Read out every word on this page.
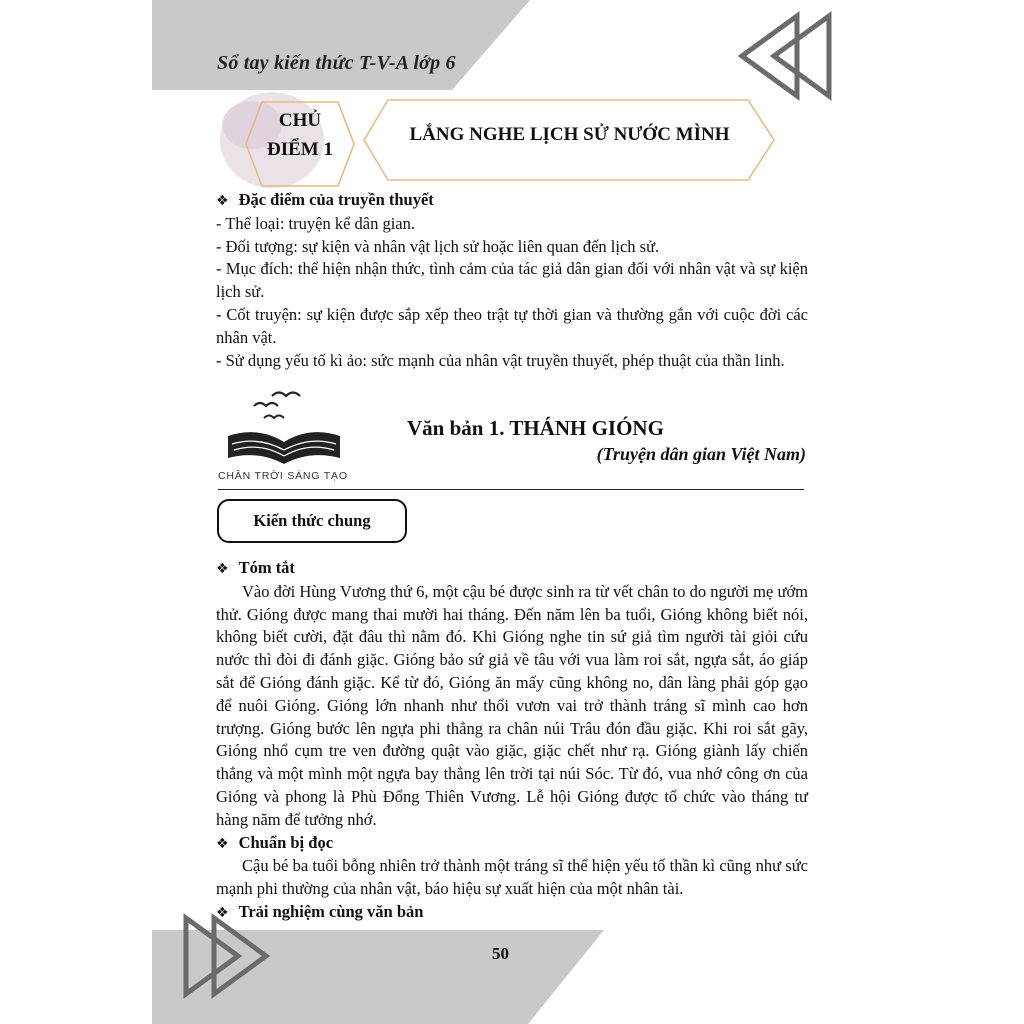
Sổ tay kiến thức T-V-A lớp 6
CHỦ
ĐIỂM 1
LẮNG NGHE LỊCH SỬ NƯỚC MÌNH

❖ Đặc điểm của truyền thuyết

- Thể loại: truyện kể dân gian.

- Đối tượng: sự kiện và nhân vật lịch sử hoặc liên quan đến lịch sử.

- Mục đích: thể hiện nhận thức, tình cảm của tác giả dân gian đối với nhân vật và sự kiện lịch sử.

- Cốt truyện: sự kiện được sắp xếp theo trật tự thời gian và thường gắn với cuộc đời các nhân vật.

- Sử dụng yếu tố kì ảo: sức mạnh của nhân vật truyền thuyết, phép thuật của thần linh.

CHÂN TRỜI SÁNG TẠO
Văn bản 1. THÁNH GIÓNG
(Truyện dân gian Việt Nam)
Kiến thức chung

❖ Tóm tắt

Vào đời Hùng Vương thứ 6, một cậu bé được sinh ra từ vết chân to do người mẹ ướm thử. Gióng được mang thai mười hai tháng. Đến năm lên ba tuổi, Gióng không biết nói, không biết cười, đặt đâu thì nằm đó. Khi Gióng nghe tin sứ giả tìm người tài giỏi cứu nước thì đòi đi đánh giặc. Gióng bảo sứ giả về tâu với vua làm roi sắt, ngựa sắt, áo giáp sắt để Gióng đánh giặc. Kể từ đó, Gióng ăn mấy cũng không no, dân làng phải góp gạo để nuôi Gióng. Gióng lớn nhanh như thổi vươn vai trở thành tráng sĩ mình cao hơn trượng. Gióng bước lên ngựa phi thẳng ra chân núi Trâu đón đầu giặc. Khi roi sắt gãy, Gióng nhổ cụm tre ven đường quật vào giặc, giặc chết như rạ. Gióng giành lấy chiến thắng và một mình một ngựa bay thẳng lên trời tại núi Sóc. Từ đó, vua nhớ công ơn của Gióng và phong là Phù Đổng Thiên Vương. Lễ hội Gióng được tổ chức vào tháng tư hàng năm để tưởng nhớ.

❖ Chuẩn bị đọc

Cậu bé ba tuổi bỗng nhiên trở thành một tráng sĩ thể hiện yếu tố thần kì cũng như sức mạnh phi thường của nhân vật, báo hiệu sự xuất hiện của một nhân tài.

❖ Trải nghiệm cùng văn bản

50
